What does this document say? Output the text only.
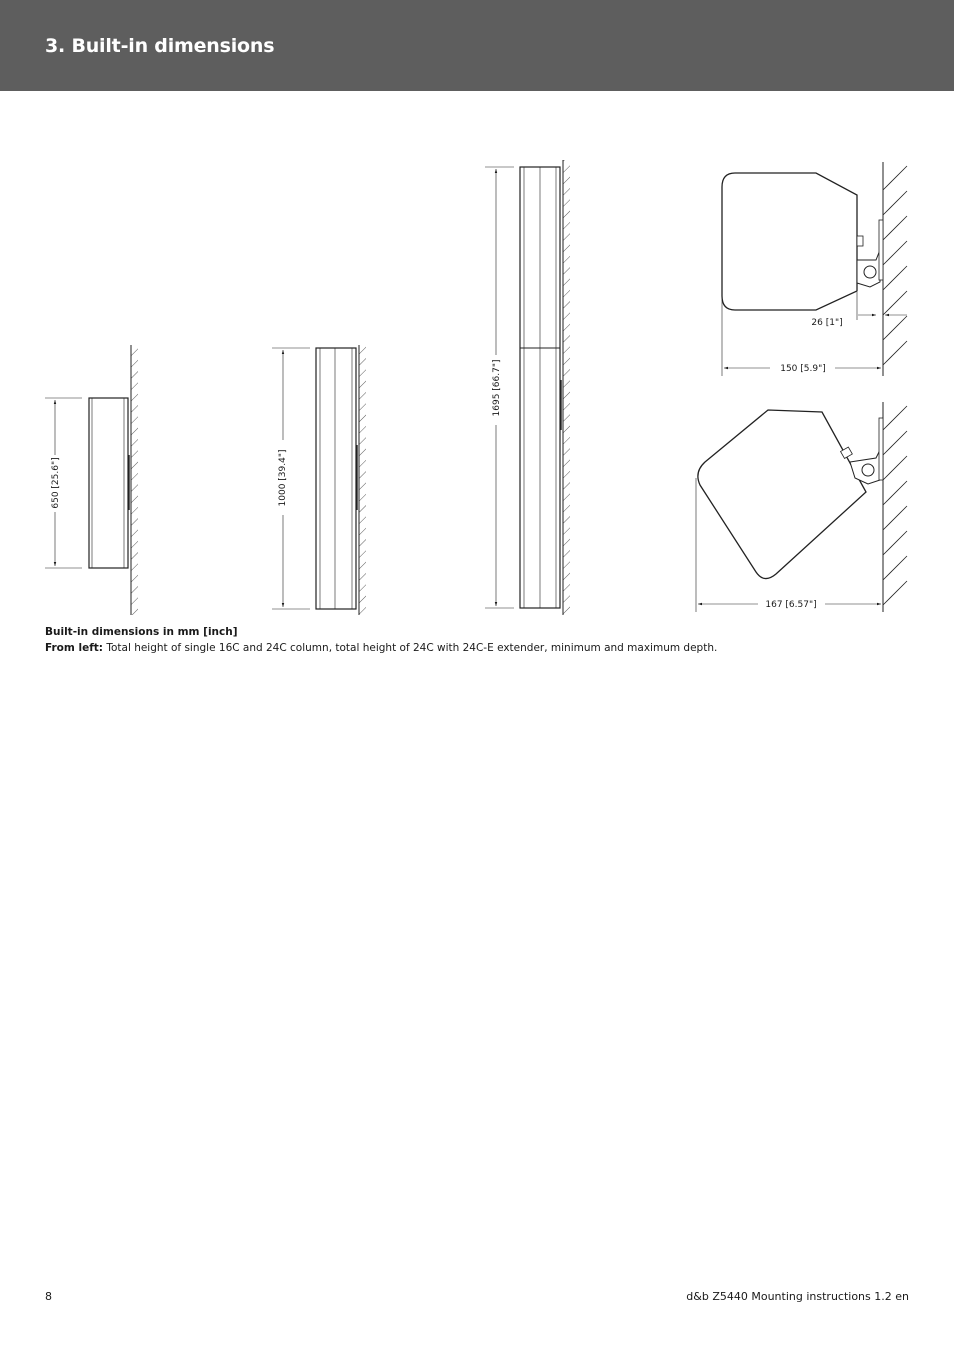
3. Built-in dimensions
650 [25.6"]	1000 [39.4"]
1695 [66.7"]
26 [1"]
150 [5.9"]
167 [6.57"]
Built-in dimensions in mm [inch]
From left: Total height of single 16C and 24C column, total height of 24C with 24C-E extender, minimum and maximum depth.
8	d&b Z5440 Mounting instructions 1.2 en
